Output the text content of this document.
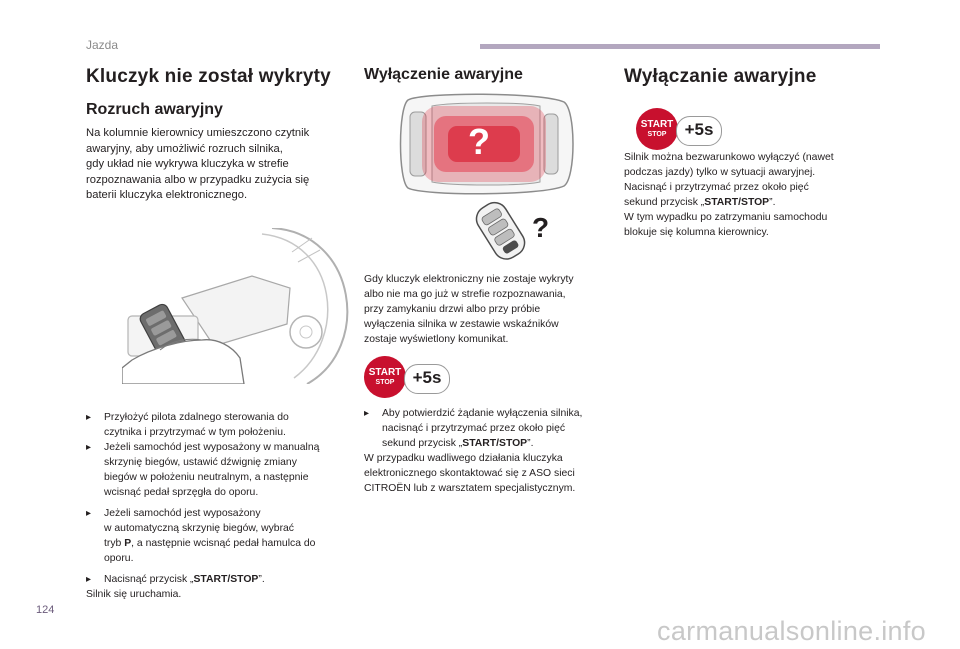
Jazda
Kluczyk nie został wykryty
Rozruch awaryjny
Na kolumnie kierownicy umieszczono czytnik
awaryjny, aby umożliwić rozruch silnika,
gdy układ nie wykrywa kluczyka w strefie
rozpoznawania albo w przypadku zużycia się
baterii kluczyka elektronicznego.
▸ Przyłożyć pilota zdalnego sterowania do
czytnika i przytrzymać w tym położeniu.
▸ Jeżeli samochód jest wyposażony w manualną
skrzynię biegów, ustawić dźwignię zmiany
biegów w położeniu neutralnym, a następnie
wcisnąć pedał sprzęgła do oporu.
▸ Jeżeli samochód jest wyposażony
w automatyczną skrzynię biegów, wybrać
tryb P, a następnie wcisnąć pedał hamulca do
oporu.
▸ Nacisnąć przycisk „START/STOP”.
Silnik się uruchamia.
Wyłączenie awaryjne
?
?
Gdy kluczyk elektroniczny nie zostaje wykryty
albo nie ma go już w strefie rozpoznawania,
przy zamykaniu drzwi albo przy próbie
wyłączenia silnika w zestawie wskaźników
zostaje wyświetlony komunikat.
START
STOP	+5s
▸ Aby potwierdzić żądanie wyłączenia silnika,
nacisnąć i przytrzymać przez około pięć
sekund przycisk „START/STOP”.
W przypadku wadliwego działania kluczyka
elektronicznego skontaktować się z ASO sieci
CITROËN lub z warsztatem specjalistycznym.
Wyłączanie awaryjne
START
STOP	+5s
Silnik można bezwarunkowo wyłączyć (nawet
podczas jazdy) tylko w sytuacji awaryjnej.
Nacisnąć i przytrzymać przez około pięć
sekund przycisk „START/STOP”.
W tym wypadku po zatrzymaniu samochodu
blokuje się kolumna kierownicy.
124
carmanualsonline.info
